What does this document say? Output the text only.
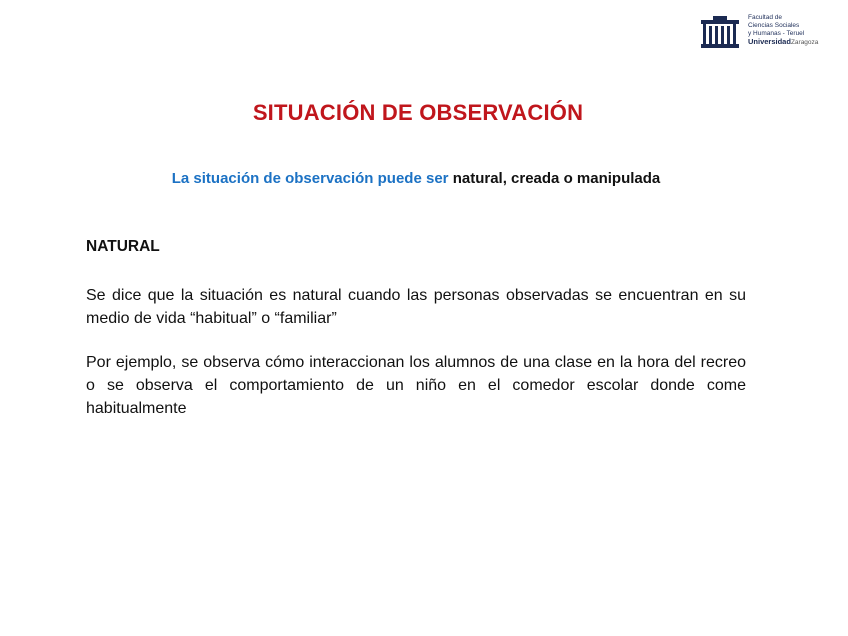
Facultad de
Ciencias Sociales
y Humanas - Teruel
UniversidadZaragoza
SITUACIÓN DE OBSERVACIÓN
La situación de observación puede ser natural, creada o manipulada
NATURAL
Se dice que la situación es natural cuando las personas observadas se encuentran en su medio de vida “habitual” o “familiar”
Por ejemplo, se observa cómo interaccionan los alumnos de una clase en la hora del recreo o se observa el comportamiento de un niño en el comedor escolar donde come habitualmente
